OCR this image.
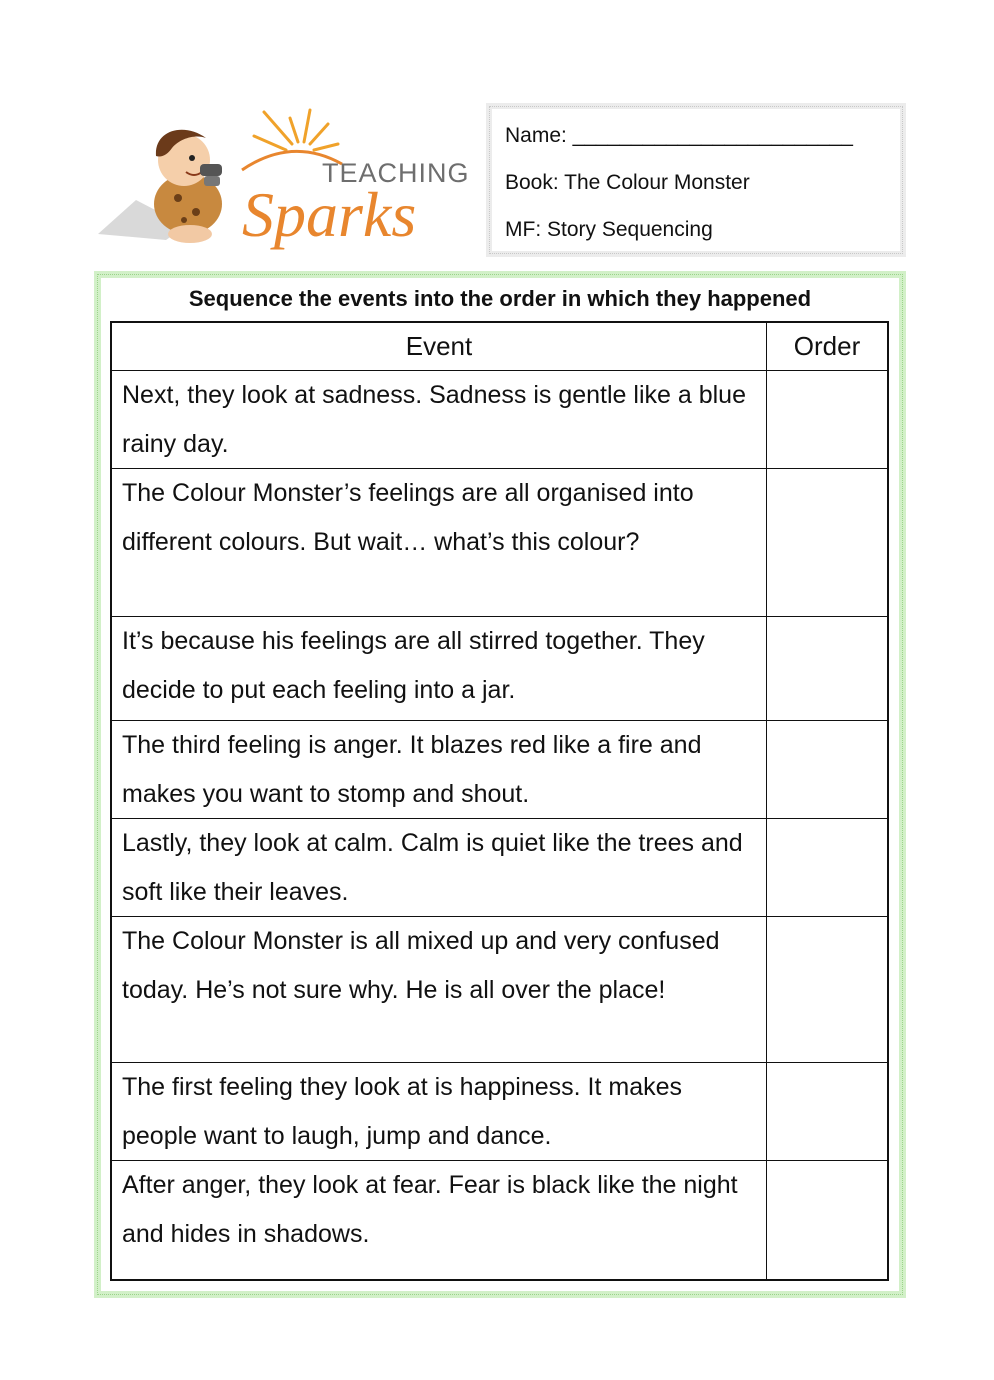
TEACHING
Sparks
Name: ________________________
Book: The Colour Monster
MF: Story Sequencing
Sequence the events into the order in which they happened
Event	Order
Next, they look at sadness. Sadness is gentle like a blue rainy day.
The Colour Monster’s feelings are all organised into different colours. But wait… what’s this colour?
It’s because his feelings are all stirred together. They decide to put each feeling into a jar.
The third feeling is anger. It blazes red like a fire and makes you want to stomp and shout.
Lastly, they look at calm. Calm is quiet like the trees and soft like their leaves.
The Colour Monster is all mixed up and very confused today. He’s not sure why. He is all over the place!
The first feeling they look at is happiness. It makes people want to laugh, jump and dance.
After anger, they look at fear. Fear is black like the night and hides in shadows.
